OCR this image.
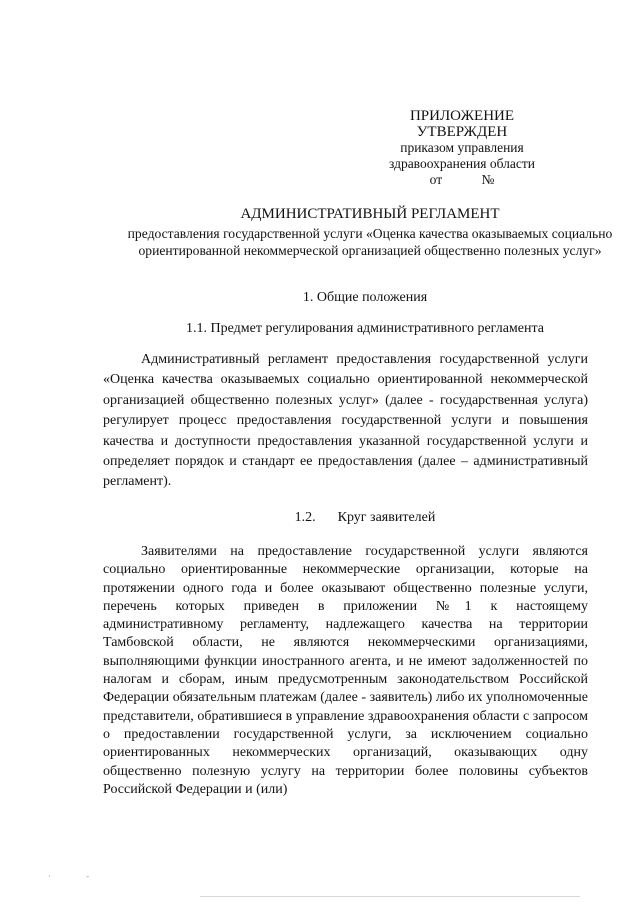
ПРИЛОЖЕНИЕ
УТВЕРЖДЕН
приказом управления
здравоохранения области
от	№
АДМИНИСТРАТИВНЫЙ РЕГЛАМЕНТ
предоставления государственной услуги «Оценка качества оказываемых социально ориентированной некоммерческой организацией общественно полезных услуг»
1. Общие положения
1.1. Предмет регулирования административного регламента

Административный регламент предоставления государственной услуги «Оценка качества оказываемых социально ориентированной некоммерческой организацией общественно полезных услуг» (далее - государственная услуга) регулирует процесс предоставления государственной услуги и повышения качества и доступности предоставления указанной государственной услуги и определяет порядок и стандарт ее предоставления (далее – административный регламент).

1.2. Круг заявителей

Заявителями на предоставление государственной услуги являются социально ориентированные некоммерческие организации, которые на протяжении одного года и более оказывают общественно полезные услуги, перечень которых приведен в приложении №1 к настоящему административному регламенту, надлежащего качества на территории Тамбовской области, не являются некоммерческими организациями, выполняющими функции иностранного агента, и не имеют задолженностей по налогам и сборам, иным предусмотренным законодательством Российской Федерации обязательным платежам (далее - заявитель) либо их уполномоченные представители, обратившиеся в управление здравоохранения области с запросом о предоставлении государственной услуги, за исключением социально ориентированных некоммерческих организаций, оказывающих одну общественно полезную услугу на территории более половины субъектов Российской Федерации и (или)

·	-
